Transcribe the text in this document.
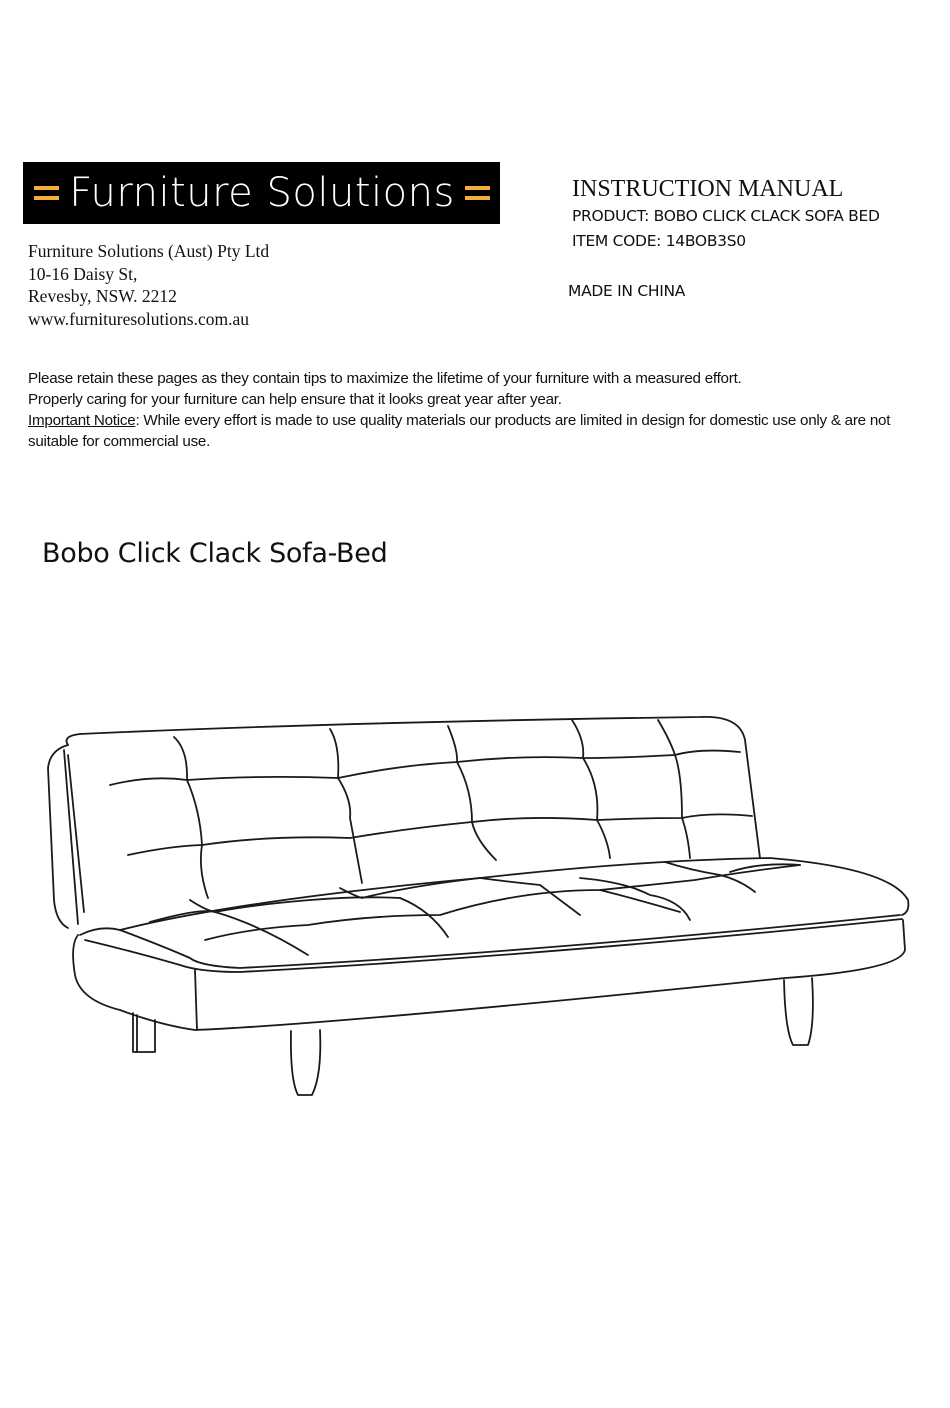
Furniture Solutions
Furniture Solutions (Aust) Pty Ltd
10-16 Daisy St,
Revesby, NSW. 2212
www.furnituresolutions.com.au
INSTRUCTION MANUAL
PRODUCT: BOBO CLICK CLACK SOFA BED
ITEM CODE: 14BOB3S0
MADE IN CHINA

Please retain these pages as they contain tips to maximize the lifetime of your furniture with a measured effort.

Properly caring for your furniture can help ensure that it looks great year after year.

Important Notice: While every effort is made to use quality materials our products are limited in design for domestic use only & are not suitable for commercial use.

Bobo Click Clack Sofa-Bed
